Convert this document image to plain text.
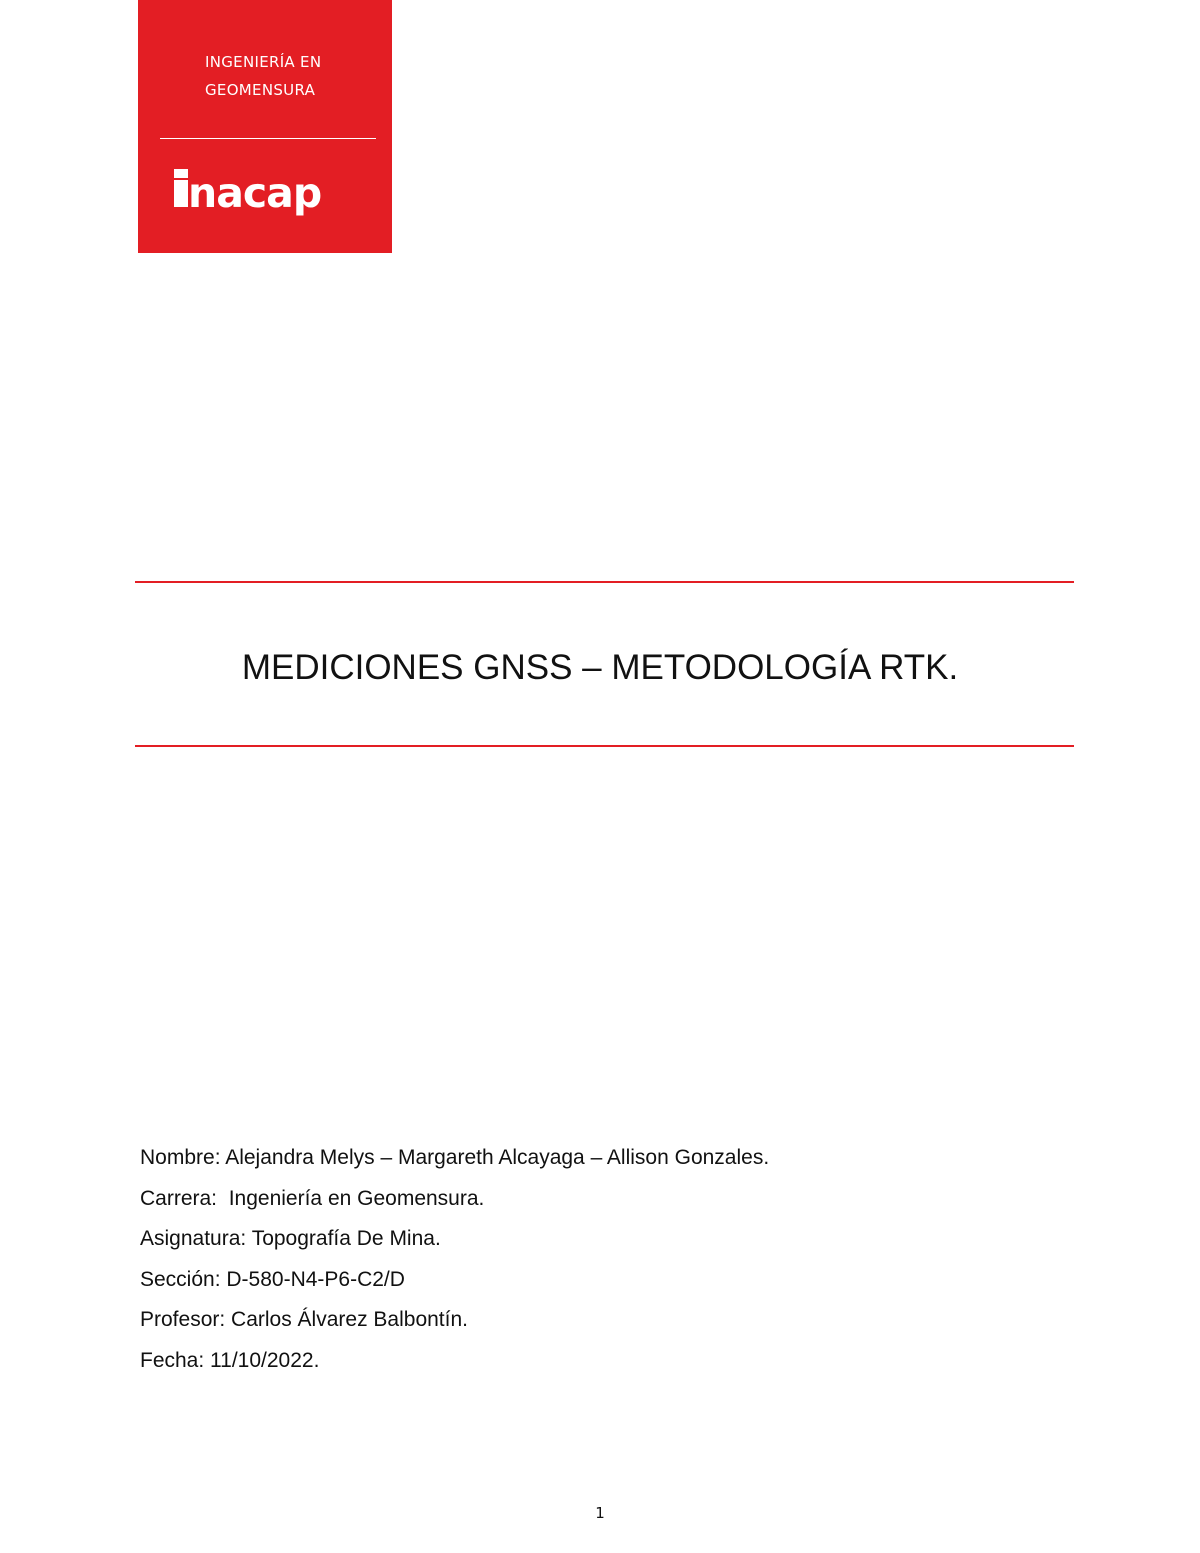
INGENIERÍA EN
GEOMENSURA
nacap
MEDICIONES GNSS – METODOLOGÍA RTK.
Nombre: Alejandra Melys – Margareth Alcayaga – Allison Gonzales.
Carrera:  Ingeniería en Geomensura.
Asignatura: Topografía De Mina.
Sección: D-580-N4-P6-C2/D
Profesor: Carlos Álvarez Balbontín.
Fecha: 11/10/2022.
1
